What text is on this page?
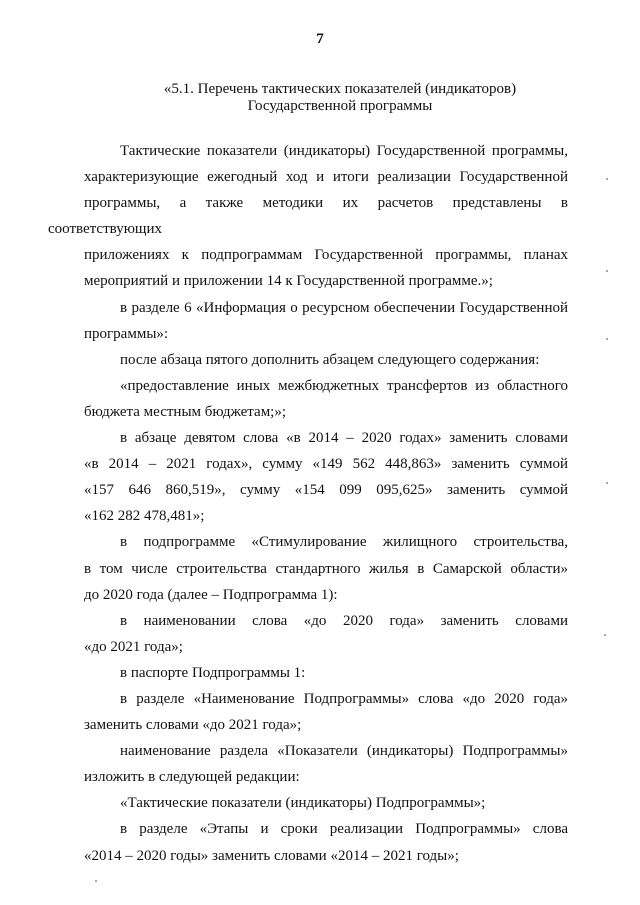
7
«5.1. Перечень тактических показателей (индикаторов)
Государственной программы

Тактические показатели (индикаторы) Государственной программы,
характеризующие ежегодный ход и итоги реализации Государственной
программы, а также методики их расчетов представлены в соответствующих
приложениях к подпрограммам Государственной программы, планах
мероприятий и приложении 14 к Государственной программе.»;

в разделе 6 «Информация о ресурсном обеспечении Государственной
программы»:

после абзаца пятого дополнить абзацем следующего содержания:

«предоставление иных межбюджетных трансфертов из областного
бюджета местным бюджетам;»;

в абзаце девятом слова «в 2014 – 2020 годах» заменить словами
«в 2014 – 2021 годах», сумму «149 562 448,863» заменить суммой
«157 646 860,519», сумму «154 099 095,625» заменить суммой
«162 282 478,481»;

в подпрограмме «Стимулирование жилищного строительства,
в том числе строительства стандартного жилья в Самарской области»
до 2020 года (далее – Подпрограмма 1):

в наименовании слова «до 2020 года» заменить словами
«до 2021 года»;

в паспорте Подпрограммы 1:

в разделе «Наименование Подпрограммы» слова «до 2020 года»
заменить словами «до 2021 года»;

наименование раздела «Показатели (индикаторы) Подпрограммы»
изложить в следующей редакции:

«Тактические показатели (индикаторы) Подпрограммы»;

в разделе «Этапы и сроки реализации Подпрограммы» слова
«2014 – 2020 годы» заменить словами «2014 – 2021 годы»;
